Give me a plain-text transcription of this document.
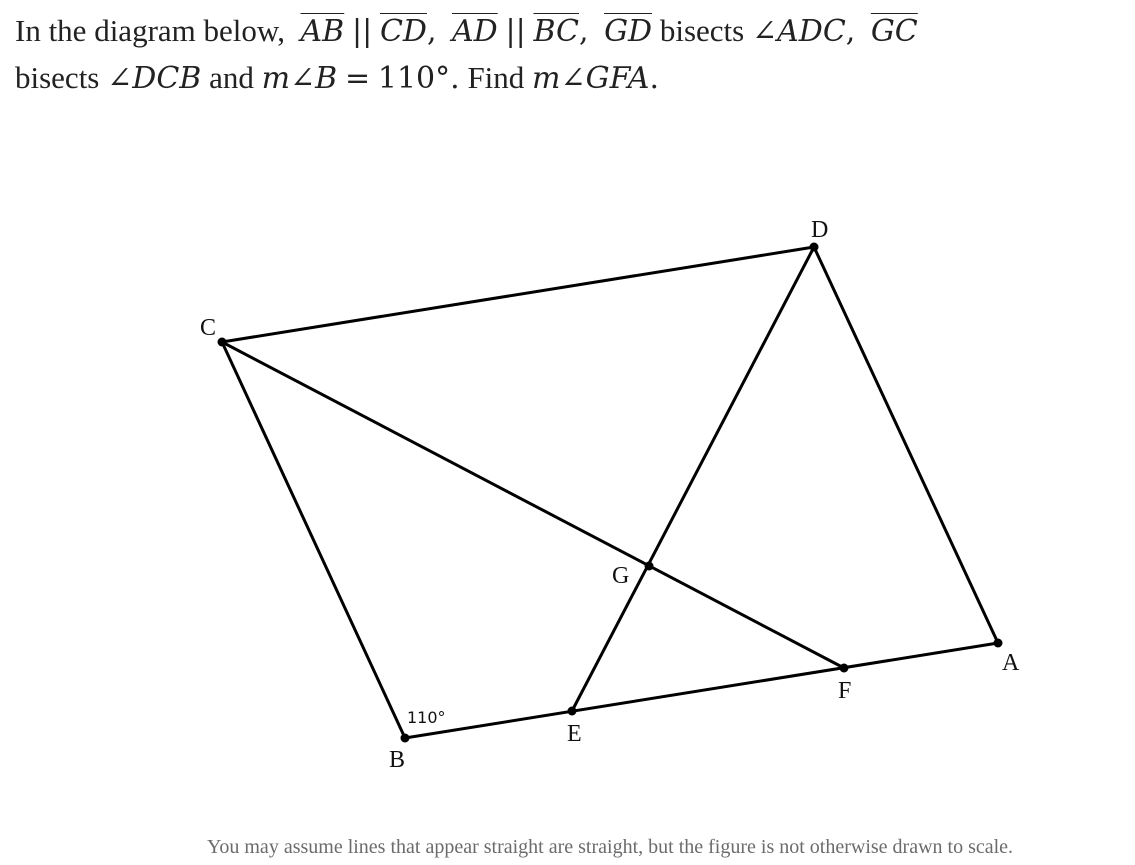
In the diagram below, $\overline{AB}$ || $\overline{CD}$, $\overline{AD}$ || $\overline{BC}$, $\overline{GD}$ bisects ∠ADC, $\overline{GC}$
bisects ∠DCB and m∠B = 110°. Find m∠GFA.
D
C
G
A
F
E
B
110°
You may assume lines that appear straight are straight, but the figure is not otherwise drawn to scale.
